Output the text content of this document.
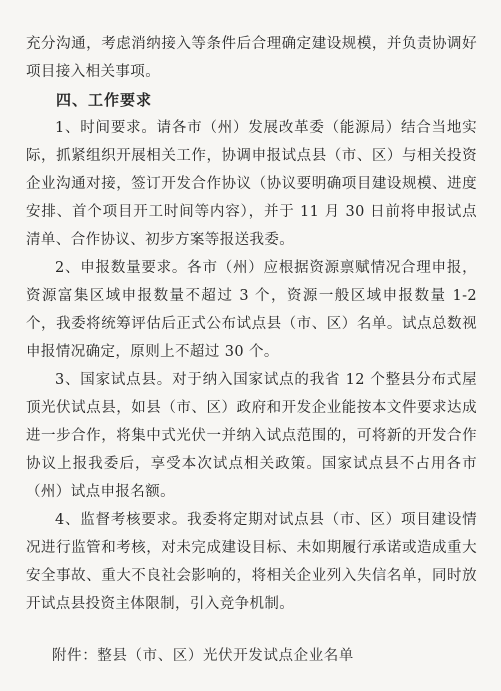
充分沟通，考虑消纳接入等条件后合理确定建设规模，并负责协调好项目接入相关事项。

四、工作要求

1、时间要求。请各市（州）发展改革委（能源局）结合当地实际，抓紧组织开展相关工作，协调申报试点县（市、区）与相关投资企业沟通对接，签订开发合作协议（协议要明确项目建设规模、进度安排、首个项目开工时间等内容），并于 11 月 30 日前将申报试点清单、合作协议、初步方案等报送我委。

2、申报数量要求。各市（州）应根据资源禀赋情况合理申报，资源富集区域申报数量不超过 3 个，资源一般区域申报数量 1-2 个，我委将统筹评估后正式公布试点县（市、区）名单。试点总数视申报情况确定，原则上不超过 30 个。

3、国家试点县。对于纳入国家试点的我省 12 个整县分布式屋顶光伏试点县，如县（市、区）政府和开发企业能按本文件要求达成进一步合作，将集中式光伏一并纳入试点范围的，可将新的开发合作协议上报我委后，享受本次试点相关政策。国家试点县不占用各市（州）试点申报名额。

4、监督考核要求。我委将定期对试点县（市、区）项目建设情况进行监管和考核，对未完成建设目标、未如期履行承诺或造成重大安全事故、重大不良社会影响的，将相关企业列入失信名单，同时放开试点县投资主体限制，引入竞争机制。

附件：整县（市、区）光伏开发试点企业名单
